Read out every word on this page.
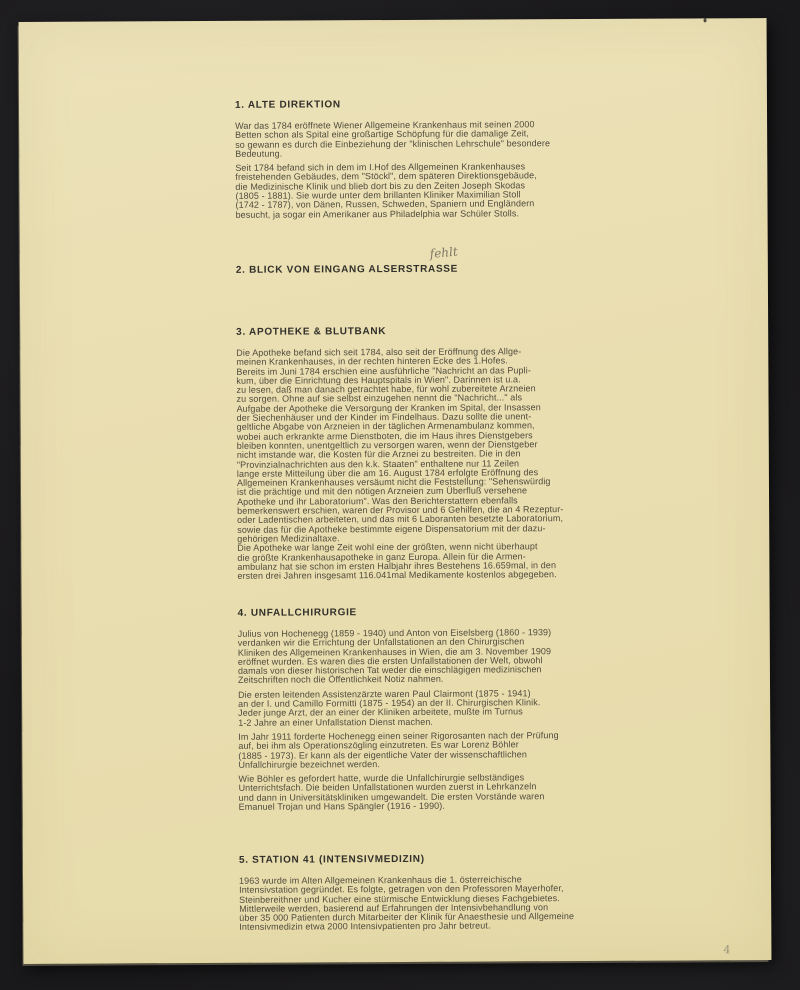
1. ALTE DIREKTION

War das 1784 eröffnete Wiener Allgemeine Krankenhaus mit seinen 2000
Betten schon als Spital eine großartige Schöpfung für die damalige Zeit,
so gewann es durch die Einbeziehung der "klinischen Lehrschule" besondere
Bedeutung.

Seit 1784 befand sich in dem im I.Hof des Allgemeinen Krankenhauses
freistehenden Gebäudes, dem "Stöckl", dem späteren Direktionsgebäude,
die Medizinische Klinik und blieb dort bis zu den Zeiten Joseph Skodas
(1805 - 1881). Sie wurde unter dem brillanten Kliniker Maximilian Stoll
(1742 - 1787), von Dänen, Russen, Schweden, Spaniern und Engländern
besucht, ja sogar ein Amerikaner aus Philadelphia war Schüler Stolls.

2. BLICK VON EINGANG ALSERSTRASSE
fehlt
3. APOTHEKE & BLUTBANK

Die Apotheke befand sich seit 1784, also seit der Eröffnung des Allge-
meinen Krankenhauses, in der rechten hinteren Ecke des 1.Hofes.
Bereits im Juni 1784 erschien eine ausführliche "Nachricht an das Pupli-
kum, über die Einrichtung des Hauptspitals in Wien". Darinnen ist u.a.
zu lesen, daß man danach getrachtet habe, für wohl zubereitete Arzneien
zu sorgen. Ohne auf sie selbst einzugehen nennt die "Nachricht..." als
Aufgabe der Apotheke die Versorgung der Kranken im Spital, der Insassen
der Siechenhäuser und der Kinder im Findelhaus. Dazu sollte die unent-
geltliche Abgabe von Arzneien in der täglichen Armenambulanz kommen,
wobei auch erkrankte arme Dienstboten, die im Haus ihres Dienstgebers
bleiben konnten, unentgeltlich zu versorgen waren, wenn der Dienstgeber
nicht imstande war, die Kosten für die Arznei zu bestreiten. Die in den
"Provinzialnachrichten aus den k.k. Staaten" enthaltene nur 11 Zeilen
lange erste Mitteilung über die am 16. August 1784 erfolgte Eröffnung des
Allgemeinen Krankenhauses versäumt nicht die Feststellung: "Sehenswürdig
ist die prächtige und mit den nötigen Arzneien zum Überfluß versehene
Apotheke und ihr Laboratorium". Was den Berichterstattern ebenfalls
bemerkenswert erschien, waren der Provisor und 6 Gehilfen, die an 4 Rezeptur-
oder Ladentischen arbeiteten, und das mit 6 Laboranten besetzte Laboratorium,
sowie das für die Apotheke bestimmte eigene Dispensatorium mit der dazu-
gehörigen Medizinaltaxe.
Die Apotheke war lange Zeit wohl eine der größten, wenn nicht überhaupt
die größte Krankenhausapotheke in ganz Europa. Allein für die Armen-
ambulanz hat sie schon im ersten Halbjahr ihres Bestehens 16.659mal, in den
ersten drei Jahren insgesamt 116.041mal Medikamente kostenlos abgegeben.

4. UNFALLCHIRURGIE

Julius von Hochenegg (1859 - 1940) und Anton von Eiselsberg (1860 - 1939)
verdanken wir die Errichtung der Unfallstationen an den Chirurgischen
Kliniken des Allgemeinen Krankenhauses in Wien, die am 3. November 1909
eröffnet wurden. Es waren dies die ersten Unfallstationen der Welt, obwohl
damals von dieser historischen Tat weder die einschlägigen medizinischen
Zeitschriften noch die Öffentlichkeit Notiz nahmen.

Die ersten leitenden Assistenzärzte waren Paul Clairmont (1875 - 1941)
an der I. und Camillo Formitti (1875 - 1954) an der II. Chirurgischen Klinik.
Jeder junge Arzt, der an einer der Kliniken arbeitete, mußte im Turnus
1-2 Jahre an einer Unfallstation Dienst machen.

Im Jahr 1911 forderte Hochenegg einen seiner Rigorosanten nach der Prüfung
auf, bei ihm als Operationszögling einzutreten. Es war Lorenz Böhler
(1885 - 1973). Er kann als der eigentliche Vater der wissenschaftlichen
Unfallchirurgie bezeichnet werden.

Wie Böhler es gefordert hatte, wurde die Unfallchirurgie selbständiges
Unterrichtsfach. Die beiden Unfallstationen wurden zuerst in Lehrkanzeln
und dann in Universitätskliniken umgewandelt. Die ersten Vorstände waren
Emanuel Trojan und Hans Spängler (1916 - 1990).

5. STATION 41 (INTENSIVMEDIZIN)

1963 wurde im Alten Allgemeinen Krankenhaus die 1. österreichische
Intensivstation gegründet. Es folgte, getragen von den Professoren Mayerhofer,
Steinbereithner und Kucher eine stürmische Entwicklung dieses Fachgebietes.
Mittlerweile werden, basierend auf Erfahrungen der Intensivbehandlung von
über 35 000 Patienten durch Mitarbeiter der Klinik für Anaesthesie und Allgemeine
Intensivmedizin etwa 2000 Intensivpatienten pro Jahr betreut.

4
